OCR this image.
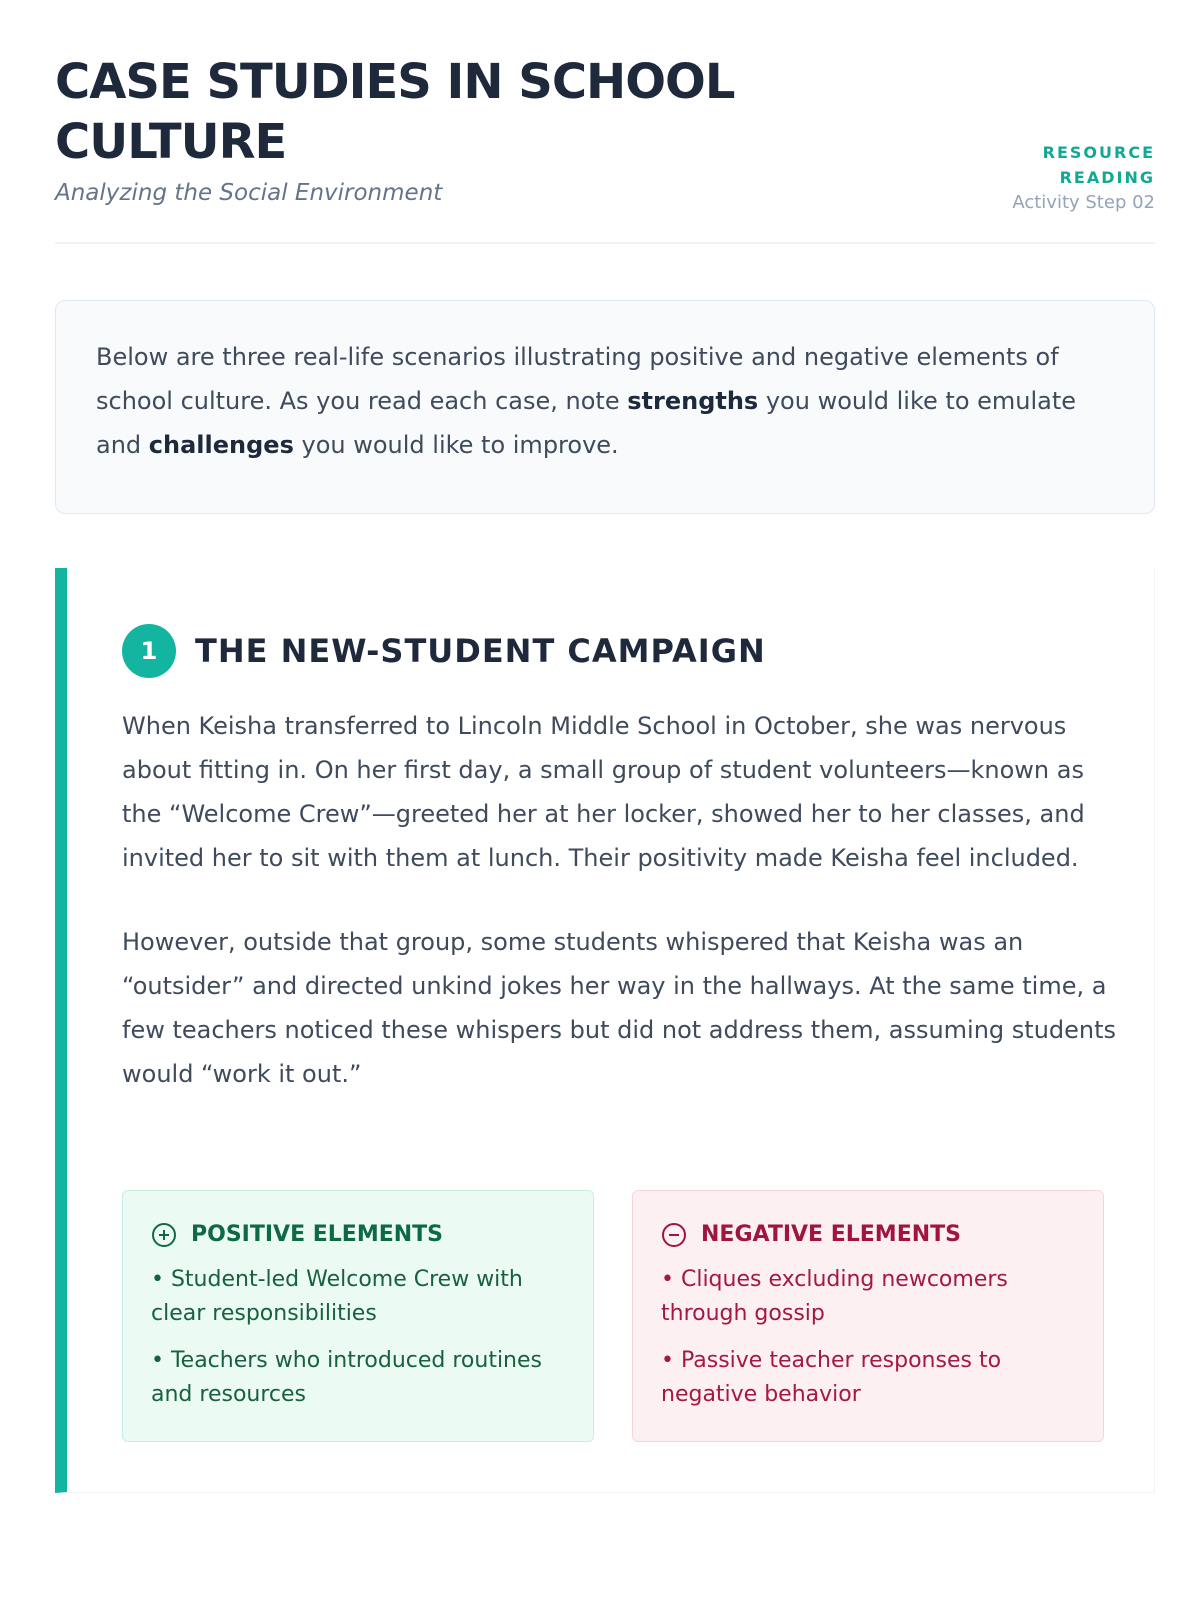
CASE STUDIES IN SCHOOL CULTURE
Analyzing the Social Environment
RESOURCE READING
Activity Step 02
Below are three real-life scenarios illustrating positive and negative elements of school culture. As you read each case, note strengths you would like to emulate and challenges you would like to improve.
1	THE NEW-STUDENT CAMPAIGN

When Keisha transferred to Lincoln Middle School in October, she was nervous about fitting in. On her first day, a small group of student volunteers—known as the “Welcome Crew”—greeted her at her locker, showed her to her classes, and invited her to sit with them at lunch. Their positivity made Keisha feel included.

However, outside that group, some students whispered that Keisha was an “outsider” and directed unkind jokes her way in the hallways. At the same time, a few teachers noticed these whispers but did not address them, assuming students would “work it out.”

POSITIVE ELEMENTS
• Student-led Welcome Crew with clear responsibilities
• Teachers who introduced routines and resources
NEGATIVE ELEMENTS
• Cliques excluding newcomers through gossip
• Passive teacher responses to negative behavior
